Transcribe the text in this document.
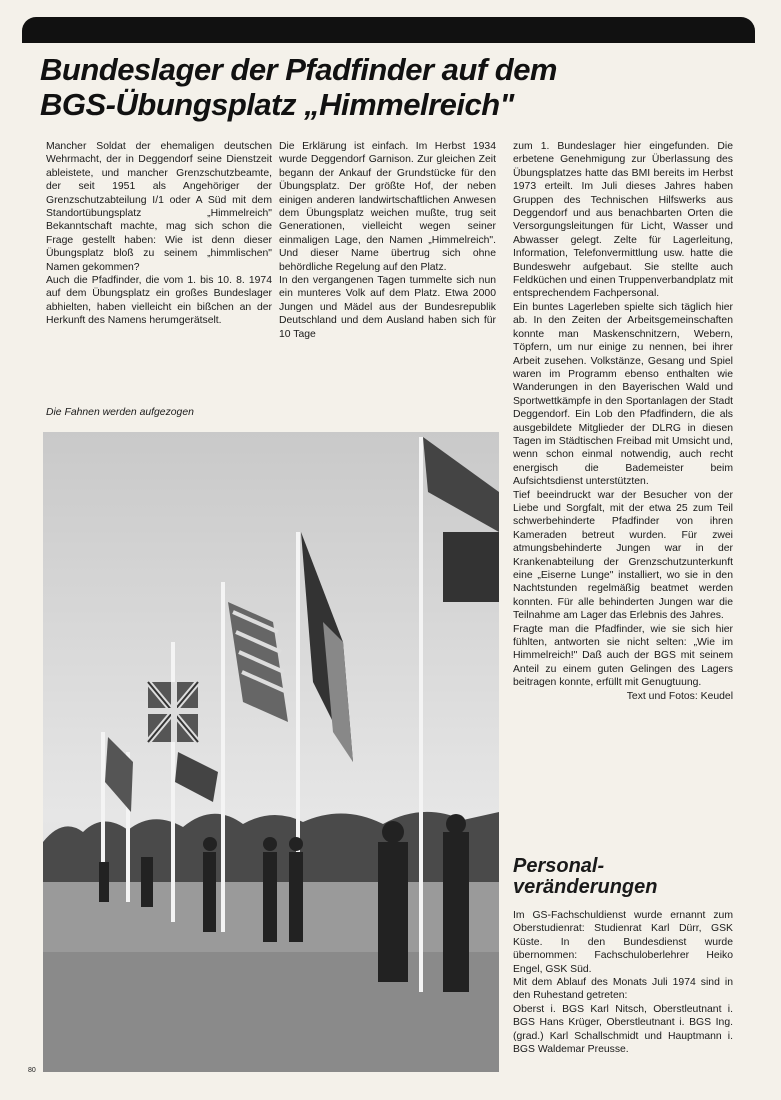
Bundeslager der Pfadfinder auf dem
BGS-Übungsplatz „Himmelreich"

Mancher Soldat der ehemaligen deutschen Wehrmacht, der in Deggendorf seine Dienstzeit ableistete, und mancher Grenzschutzbeamte, der seit 1951 als Angehöriger der Grenzschutzabteilung I/1 oder A Süd mit dem Standortübungsplatz „Himmelreich" Bekanntschaft machte, mag sich schon die Frage gestellt haben: Wie ist denn dieser Übungsplatz bloß zu seinem „himmlischen" Namen gekommen?

Auch die Pfadfinder, die vom 1. bis 10. 8. 1974 auf dem Übungsplatz ein großes Bundeslager abhielten, haben vielleicht ein bißchen an der Herkunft des Namens herumgerätselt.

Die Erklärung ist einfach. Im Herbst 1934 wurde Deggendorf Garnison. Zur gleichen Zeit begann der Ankauf der Grundstücke für den Übungsplatz. Der größte Hof, der neben einigen anderen landwirtschaftlichen Anwesen dem Übungsplatz weichen mußte, trug seit Generationen, vielleicht wegen seiner einmaligen Lage, den Namen „Himmelreich". Und dieser Name übertrug sich ohne behördliche Regelung auf den Platz.

In den vergangenen Tagen tummelte sich nun ein munteres Volk auf dem Platz. Etwa 2000 Jungen und Mädel aus der Bundesrepublik Deutschland und dem Ausland haben sich für 10 Tage

zum 1. Bundeslager hier eingefunden. Die erbetene Genehmigung zur Überlassung des Übungsplatzes hatte das BMI bereits im Herbst 1973 erteilt. Im Juli dieses Jahres haben Gruppen des Technischen Hilfswerks aus Deggendorf und aus benachbarten Orten die Versorgungsleitungen für Licht, Wasser und Abwasser gelegt. Zelte für Lagerleitung, Information, Telefonvermittlung usw. hatte die Bundeswehr aufgebaut. Sie stellte auch Feldküchen und einen Truppenverbandplatz mit entsprechendem Fachpersonal.

Ein buntes Lagerleben spielte sich täglich hier ab. In den Zeiten der Arbeitsgemeinschaften konnte man Maskenschnitzern, Webern, Töpfern, um nur einige zu nennen, bei ihrer Arbeit zusehen. Volkstänze, Gesang und Spiel waren im Programm ebenso enthalten wie Wanderungen in den Bayerischen Wald und Sportwettkämpfe in den Sportanlagen der Stadt Deggendorf. Ein Lob den Pfadfindern, die als ausgebildete Mitglieder der DLRG in diesen Tagen im Städtischen Freibad mit Umsicht und, wenn schon einmal notwendig, auch recht energisch die Bademeister beim Aufsichtsdienst unterstützten.

Tief beeindruckt war der Besucher von der Liebe und Sorgfalt, mit der etwa 25 zum Teil schwerbehinderte Pfadfinder von ihren Kameraden betreut wurden. Für zwei atmungsbehinderte Jungen war in der Krankenabteilung der Grenzschutzunterkunft eine „Eiserne Lunge" installiert, wo sie in den Nachtstunden regelmäßig beatmet werden konnten. Für alle behinderten Jungen war die Teilnahme am Lager das Erlebnis des Jahres.

Fragte man die Pfadfinder, wie sie sich hier fühlten, antworten sie nicht selten: „Wie im Himmelreich!" Daß auch der BGS mit seinem Anteil zu einem guten Gelingen des Lagers beitragen konnte, erfüllt mit Genugtuung.

Text und Fotos: Keudel

Die Fahnen werden aufgezogen
Personal-
veränderungen

Im GS-Fachschuldienst wurde ernannt zum Oberstudienrat: Studienrat Karl Dürr, GSK Küste. In den Bundesdienst wurde übernommen: Fachschuloberlehrer Heiko Engel, GSK Süd.

Mit dem Ablauf des Monats Juli 1974 sind in den Ruhestand getreten:

Oberst i. BGS Karl Nitsch, Oberstleutnant i. BGS Hans Krüger, Oberstleutnant i. BGS Ing. (grad.) Karl Schallschmidt und Hauptmann i. BGS Waldemar Preusse.

80
